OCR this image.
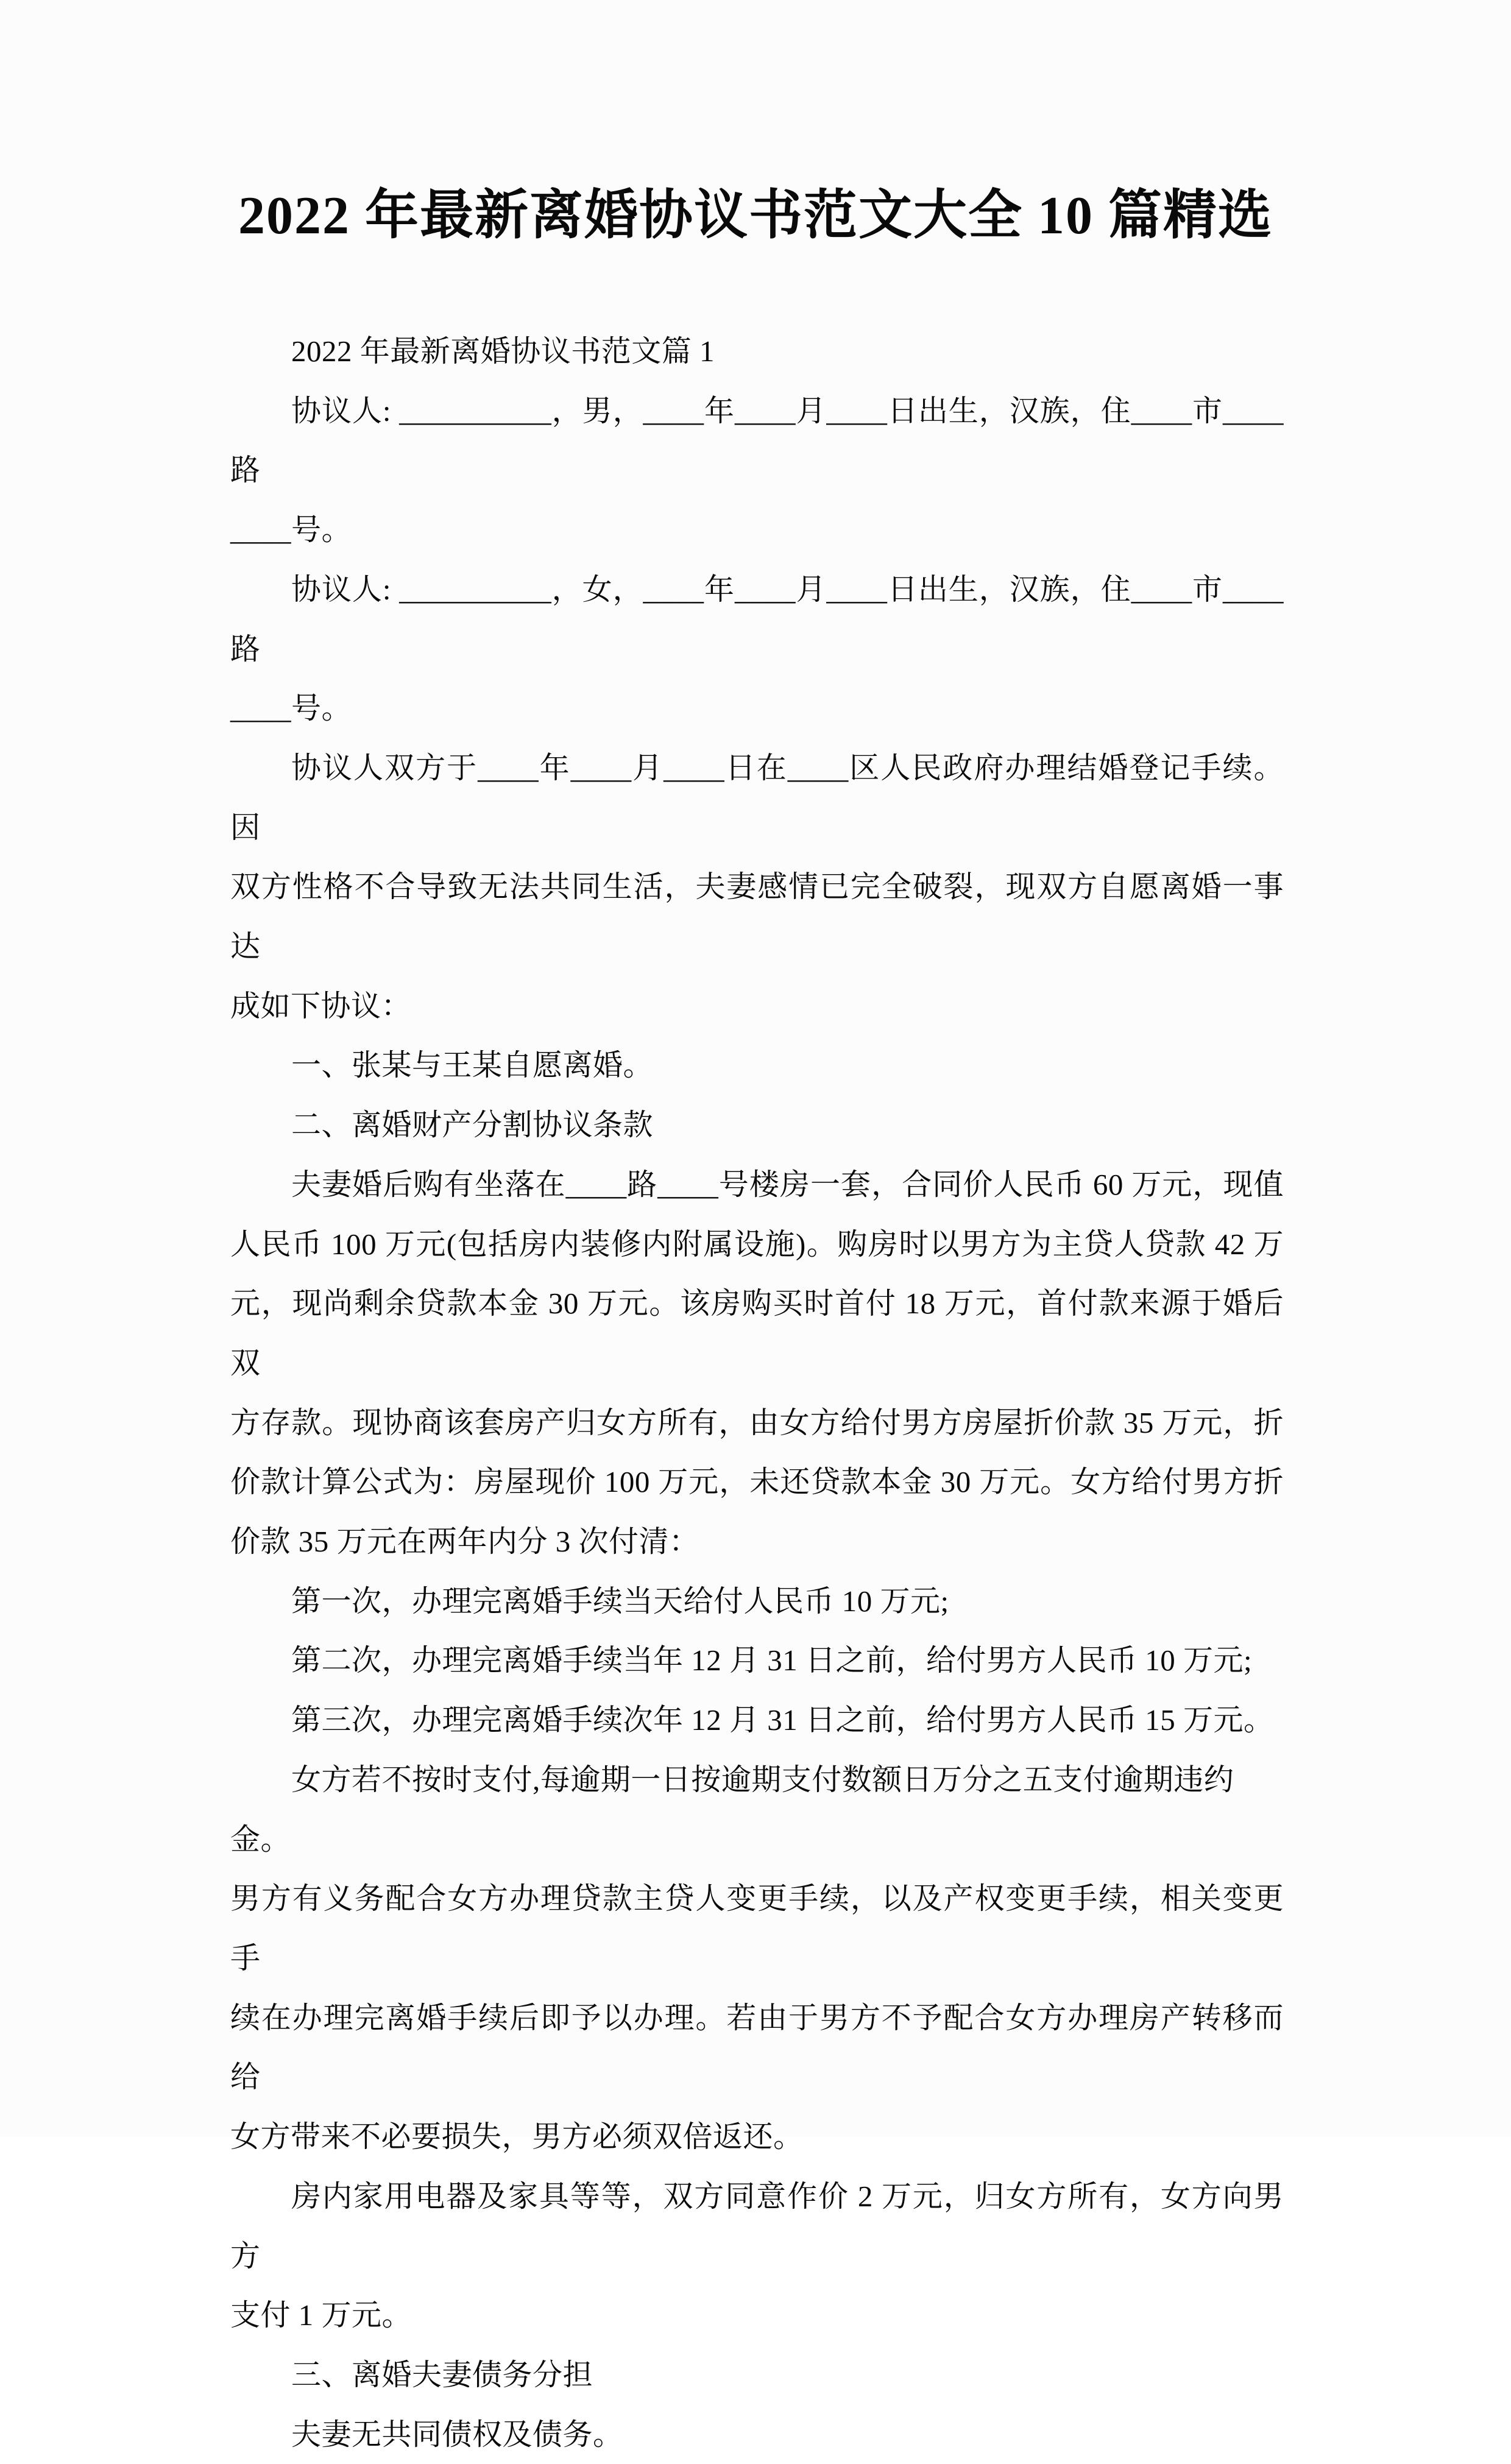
2022 年最新离婚协议书范文大全 10 篇精选
2022 年最新离婚协议书范文篇 1
协议人: __________，男，____年____月____日出生，汉族，住____市____路
____号。
协议人: __________，女，____年____月____日出生，汉族，住____市____路
____号。
协议人双方于____年____月____日在____区人民政府办理结婚登记手续。因
双方性格不合导致无法共同生活，夫妻感情已完全破裂，现双方自愿离婚一事达
成如下协议：
一、张某与王某自愿离婚。
二、离婚财产分割协议条款
夫妻婚后购有坐落在____路____号楼房一套，合同价人民币 60 万元，现值
人民币 100 万元(包括房内装修内附属设施)。购房时以男方为主贷人贷款 42 万
元，现尚剩余贷款本金 30 万元。该房购买时首付 18 万元，首付款来源于婚后双
方存款。现协商该套房产归女方所有，由女方给付男方房屋折价款 35 万元，折
价款计算公式为：房屋现价 100 万元，未还贷款本金 30 万元。女方给付男方折
价款 35 万元在两年内分 3 次付清：
第一次，办理完离婚手续当天给付人民币 10 万元;
第二次，办理完离婚手续当年 12 月 31 日之前，给付男方人民币 10 万元;
第三次，办理完离婚手续次年 12 月 31 日之前，给付男方人民币 15 万元。
女方若不按时支付,每逾期一日按逾期支付数额日万分之五支付逾期违约金。
男方有义务配合女方办理贷款主贷人变更手续，以及产权变更手续，相关变更手
续在办理完离婚手续后即予以办理。若由于男方不予配合女方办理房产转移而给
女方带来不必要损失，男方必须双倍返还。
房内家用电器及家具等等，双方同意作价 2 万元，归女方所有，女方向男方
支付 1 万元。
三、离婚夫妻债务分担
夫妻无共同债权及债务。
